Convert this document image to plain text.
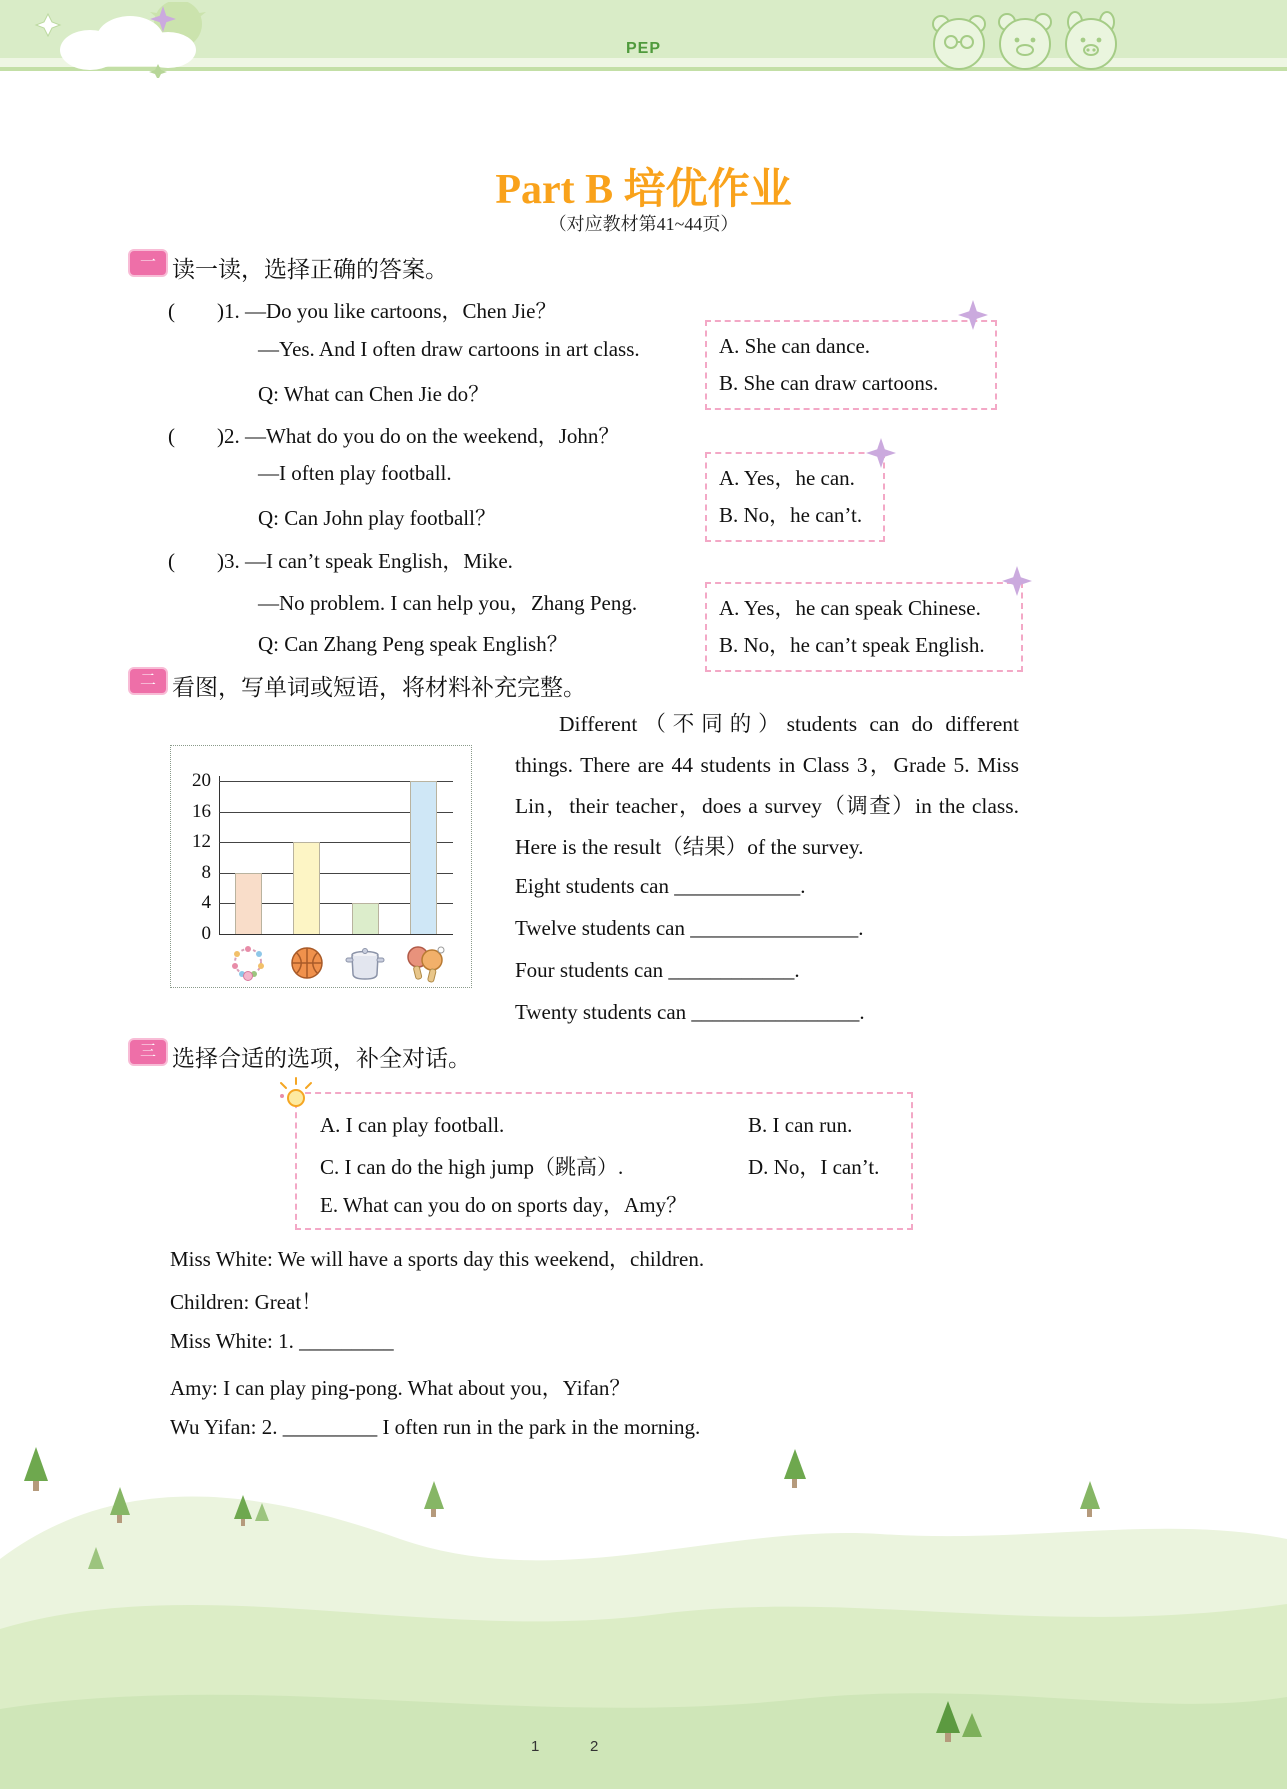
PEP
Part B 培优作业
（对应教材第41~44页）
一 读一读，选择正确的答案。
(        )1. —Do you like cartoons，Chen Jie？
—Yes. And I often draw cartoons in art class.
Q: What can Chen Jie do？
A. She can dance.
B. She can draw cartoons.
(        )2. —What do you do on the weekend，John？
—I often play football.
Q: Can John play football？
A. Yes，he can.
B. No，he can’t.
(        )3. —I can’t speak English，Mike.
—No problem. I can help you，Zhang Peng.
Q: Can Zhang Peng speak English？
A. Yes，he can speak Chinese.
B. No，he can’t speak English.
二 看图，写单词或短语，将材料补充完整。
0
4
8
12
16
20
Different（不同的）students can do different things. There are 44 students in Class 3，Grade 5. Miss Lin，their teacher，does a survey（调查）in the class. Here is the result（结果）of the survey.
Eight students can ____________.
Twelve students can ________________.
Four students can ____________.
Twenty students can ________________.
三 选择合适的选项，补全对话。
A. I can play football.	B. I can run.
C. I can do the high jump（跳高）.	D. No，I can’t.
E. What can you do on sports day，Amy？
Miss White: We will have a sports day this weekend，children.
Children: Great！
Miss White: 1. _________
Amy: I can play ping-pong. What about you，Yifan？
Wu Yifan: 2. _________ I often run in the park in the morning.
1	2
